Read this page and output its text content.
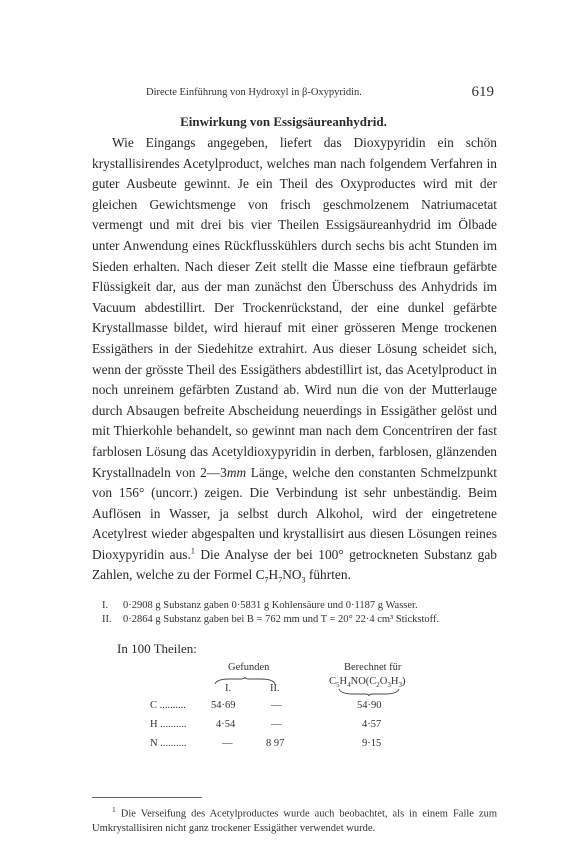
Directe Einführung von Hydroxyl in β-Oxypyridin.	619
Einwirkung von Essigsäureanhydrid.

Wie Eingangs angegeben, liefert das Dioxypyridin ein schön krystallisirendes Acetylproduct, welches man nach folgendem Verfahren in guter Ausbeute gewinnt. Je ein Theil des Oxyproductes wird mit der gleichen Gewichtsmenge von frisch geschmolzenem Natriumacetat vermengt und mit drei bis vier Theilen Essigsäureanhydrid im Ölbade unter Anwendung eines Rückflusskühlers durch sechs bis acht Stunden im Sieden erhalten. Nach dieser Zeit stellt die Masse eine tiefbraun gefärbte Flüssigkeit dar, aus der man zunächst den Überschuss des Anhydrids im Vacuum abdestillirt. Der Trockenrückstand, der eine dunkel gefärbte Krystallmasse bildet, wird hierauf mit einer grösseren Menge trockenen Essigäthers in der Siedehitze extrahirt. Aus dieser Lösung scheidet sich, wenn der grösste Theil des Essigäthers abdestillirt ist, das Acetylproduct in noch unreinem gefärbten Zustand ab. Wird nun die von der Mutterlauge durch Absaugen befreite Abscheidung neuerdings in Essigäther gelöst und mit Thierkohle behandelt, so gewinnt man nach dem Concentriren der fast farblosen Lösung das Acetyldioxypyridin in derben, farblosen, glänzenden Krystallnadeln von 2—3mm Länge, welche den constanten Schmelzpunkt von 156° (uncorr.) zeigen. Die Verbindung ist sehr unbeständig. Beim Auflösen in Wasser, ja selbst durch Alkohol, wird der eingetretene Acetylrest wieder abgespalten und krystallisirt aus diesen Lösungen reines Dioxypyridin aus.$^1$ Die Analyse der bei 100° getrockneten Substanz gab Zahlen, welche zu der Formel $C_7H_7NO_3$ führten.

I. 0·2908 g Substanz gaben 0·5831 g Kohlensäure und 0·1187 g Wasser.
II. 0·2864 g Substanz gaben bei B = 762 mm und T = 20° 22·4 cm³ Stickstoff.
In 100 Theilen:
Gefunden	Berechnet für
$C_5H_4NO(C_2O_3H_3)$
I.	II.
C .......... 54·69	—	54·90
H ..........	4·54	—	4·57
N ..........	—	8 97	9·15
$^1$ Die Verseifung des Acetylproductes wurde auch beobachtet, als in einem Falle zum Umkrystallisiren nicht ganz trockener Essigäther verwendet wurde.
